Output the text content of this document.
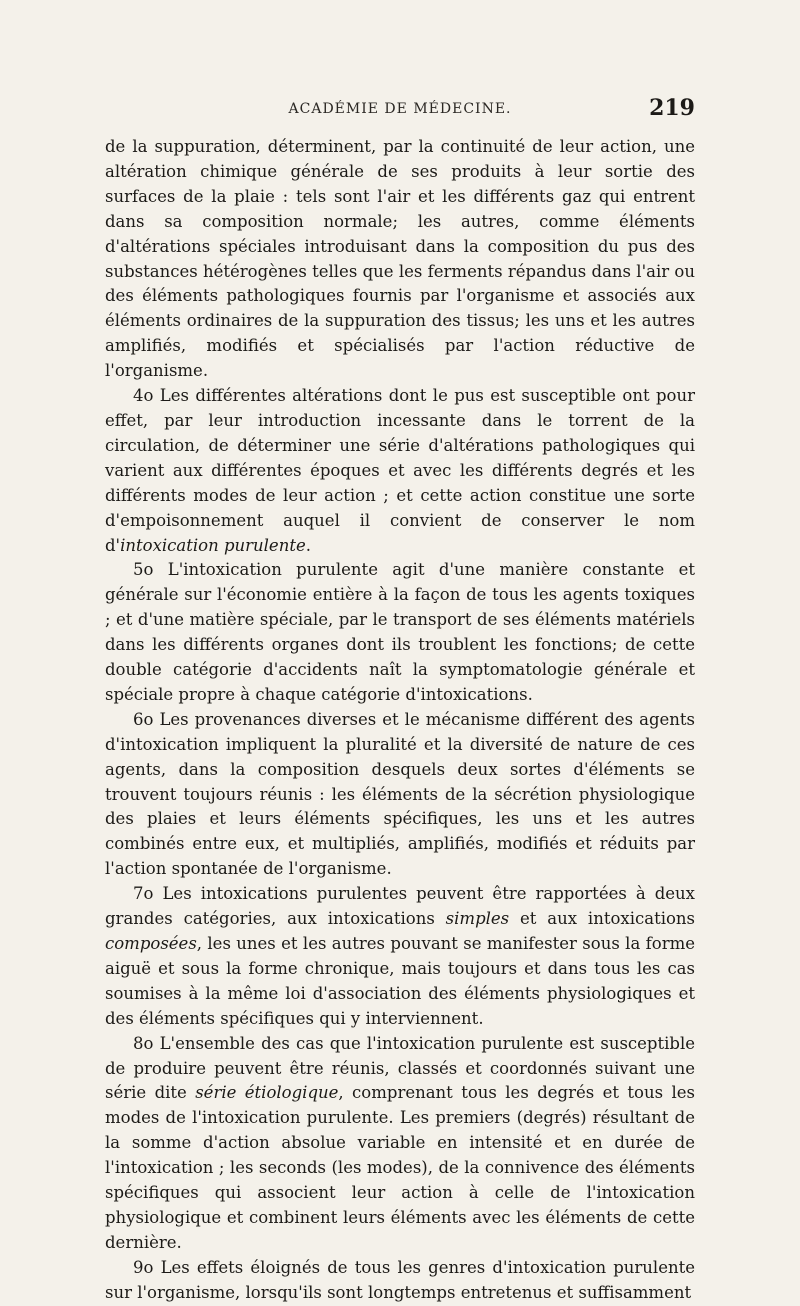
ACADÉMIE DE MÉDECINE.	219

de la suppuration, déterminent, par la continuité de leur action, une altération chimique générale de ses produits à leur sortie des surfaces de la plaie : tels sont l'air et les différents gaz qui entrent dans sa composition normale; les autres, comme éléments d'altérations spéciales introduisant dans la composition du pus des substances hétérogènes telles que les ferments répandus dans l'air ou des éléments pathologiques fournis par l'organisme et associés aux éléments ordinaires de la suppuration des tissus; les uns et les autres amplifiés, modifiés et spécialisés par l'action réductive de l'organisme.

4o Les différentes altérations dont le pus est susceptible ont pour effet, par leur introduction incessante dans le torrent de la circulation, de déterminer une série d'altérations pathologiques qui varient aux différentes époques et avec les différents degrés et les différents modes de leur action ; et cette action constitue une sorte d'empoisonnement auquel il convient de conserver le nom d'intoxication purulente.

5o L'intoxication purulente agit d'une manière constante et générale sur l'économie entière à la façon de tous les agents toxiques ; et d'une matière spéciale, par le transport de ses éléments matériels dans les différents organes dont ils troublent les fonctions; de cette double catégorie d'accidents naît la symptomatologie générale et spéciale propre à chaque catégorie d'intoxications.

6o Les provenances diverses et le mécanisme différent des agents d'intoxication impliquent la pluralité et la diversité de nature de ces agents, dans la composition desquels deux sortes d'éléments se trouvent toujours réunis : les éléments de la sécrétion physiologique des plaies et leurs éléments spécifiques, les uns et les autres combinés entre eux, et multipliés, amplifiés, modifiés et réduits par l'action spontanée de l'organisme.

7o Les intoxications purulentes peuvent être rapportées à deux grandes catégories, aux intoxications simples et aux intoxications composées, les unes et les autres pouvant se manifester sous la forme aiguë et sous la forme chronique, mais toujours et dans tous les cas soumises à la même loi d'association des éléments physiologiques et des éléments spécifiques qui y interviennent.

8o L'ensemble des cas que l'intoxication purulente est susceptible de produire peuvent être réunis, classés et coordonnés suivant une série dite série étiologique, comprenant tous les degrés et tous les modes de l'intoxication purulente. Les premiers (degrés) résultant de la somme d'action absolue variable en intensité et en durée de l'intoxication ; les seconds (les modes), de la connivence des éléments spécifiques qui associent leur action à celle de l'intoxication physiologique et combinent leurs éléments avec les éléments de cette dernière.

9o Les effets éloignés de tous les genres d'intoxication purulente sur l'organisme, lorsqu'ils sont longtemps entretenus et suffisamment
